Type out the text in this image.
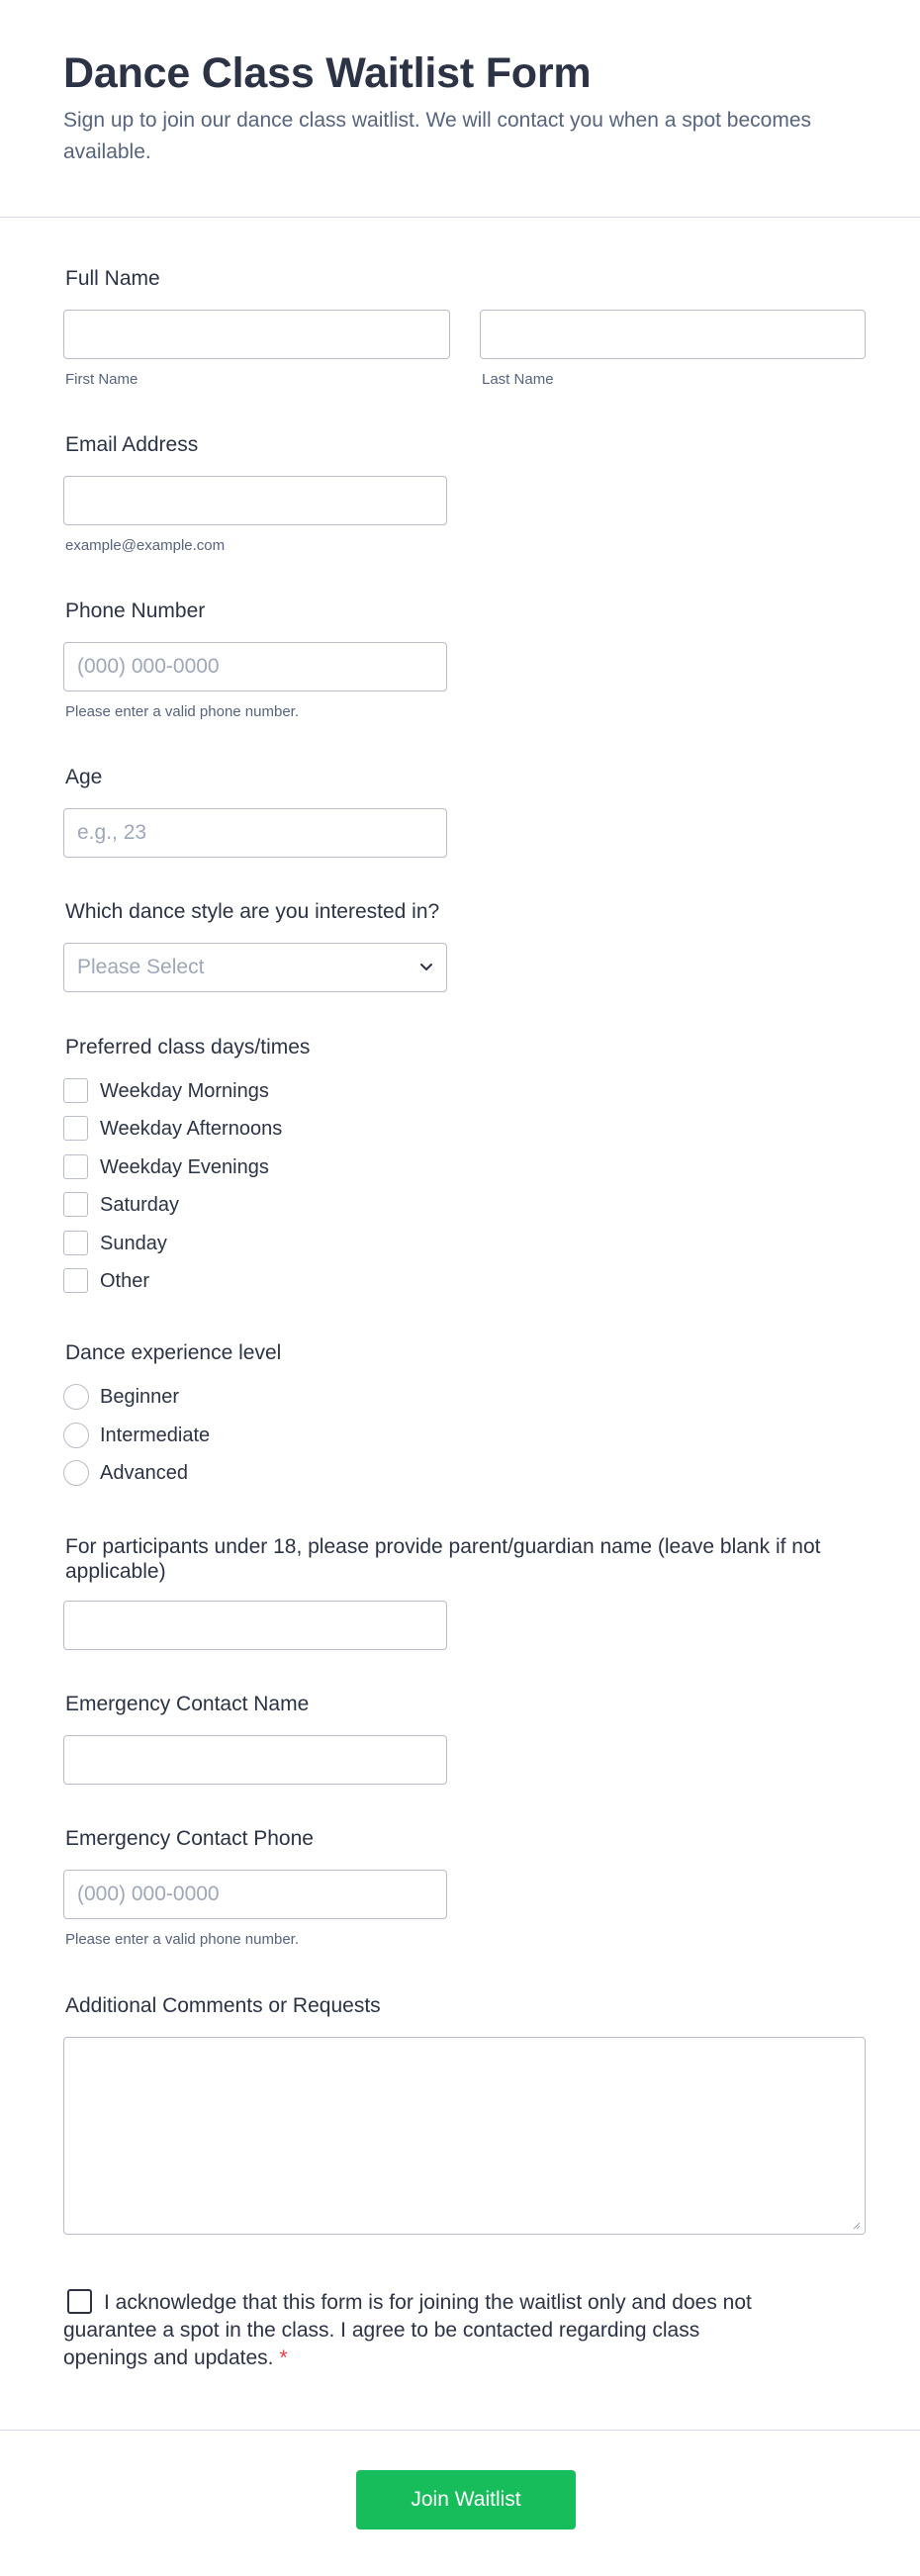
Dance Class Waitlist Form

Sign up to join our dance class waitlist. We will contact you when a spot becomes available.

Full Name
First Name	Last Name
Email Address
example@example.com
Phone Number
(000) 000-0000
Please enter a valid phone number.
Age
e.g., 23
Which dance style are you interested in?
Please Select
Preferred class days/times
Weekday Mornings
Weekday Afternoons
Weekday Evenings
Saturday
Sunday
Other
Dance experience level
Beginner
Intermediate
Advanced
For participants under 18, please provide parent/guardian name (leave blank if not applicable)
Emergency Contact Name
Emergency Contact Phone
(000) 000-0000
Please enter a valid phone number.
Additional Comments or Requests
I acknowledge that this form is for joining the waitlist only and does not guarantee a spot in the class. I agree to be contacted regarding class openings and updates. *
Join Waitlist
